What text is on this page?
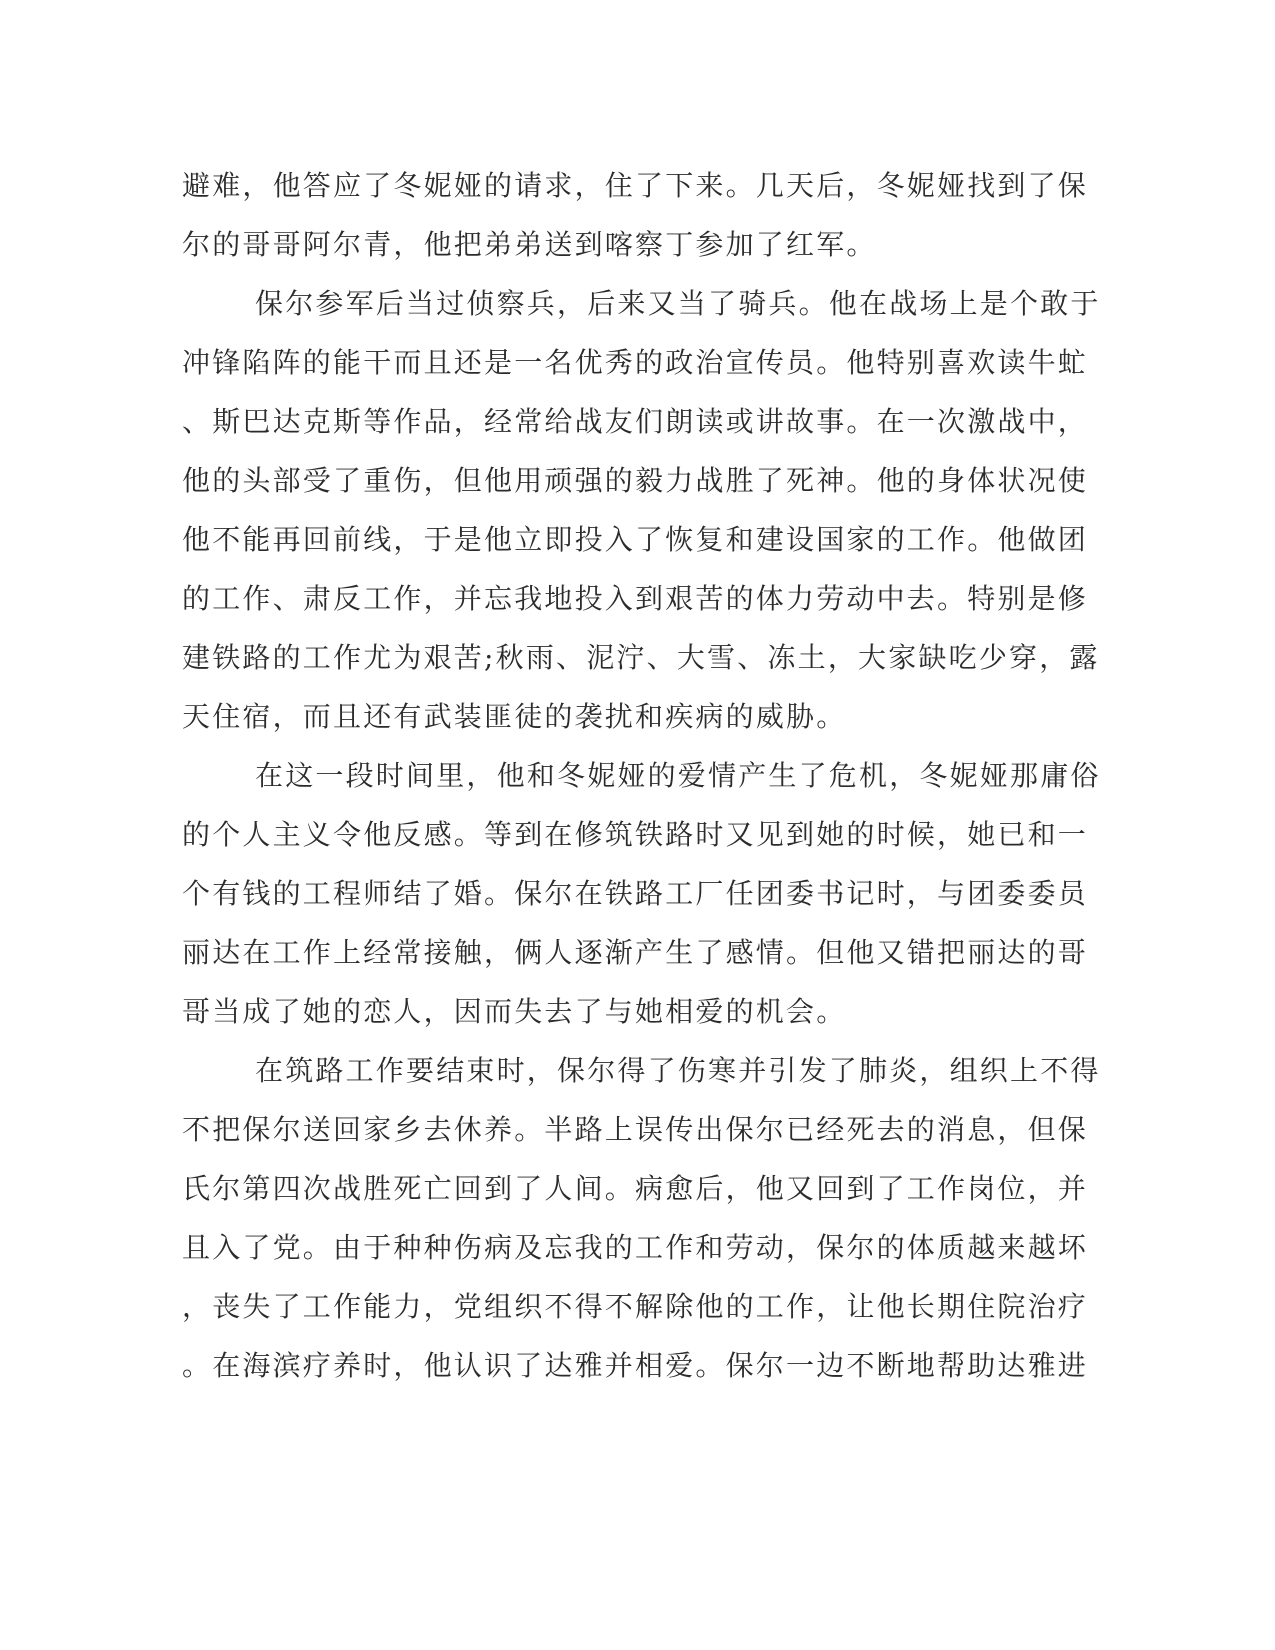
避难，他答应了冬妮娅的请求，住了下来。几天后，冬妮娅找到了保
尔的哥哥阿尔青，他把弟弟送到喀察丁参加了红军。
保尔参军后当过侦察兵，后来又当了骑兵。他在战场上是个敢于
冲锋陷阵的能干而且还是一名优秀的政治宣传员。他特别喜欢读牛虻
、斯巴达克斯等作品，经常给战友们朗读或讲故事。在一次激战中，
他的头部受了重伤，但他用顽强的毅力战胜了死神。他的身体状况使
他不能再回前线，于是他立即投入了恢复和建设国家的工作。他做团
的工作、肃反工作，并忘我地投入到艰苦的体力劳动中去。特别是修
建铁路的工作尤为艰苦;秋雨、泥泞、大雪、冻土，大家缺吃少穿，露
天住宿，而且还有武装匪徒的袭扰和疾病的威胁。
在这一段时间里，他和冬妮娅的爱情产生了危机，冬妮娅那庸俗
的个人主义令他反感。等到在修筑铁路时又见到她的时候，她已和一
个有钱的工程师结了婚。保尔在铁路工厂任团委书记时，与团委委员
丽达在工作上经常接触，俩人逐渐产生了感情。但他又错把丽达的哥
哥当成了她的恋人，因而失去了与她相爱的机会。
在筑路工作要结束时，保尔得了伤寒并引发了肺炎，组织上不得
不把保尔送回家乡去休养。半路上误传出保尔已经死去的消息，但保
氏尔第四次战胜死亡回到了人间。病愈后，他又回到了工作岗位，并
且入了党。由于种种伤病及忘我的工作和劳动，保尔的体质越来越坏
，丧失了工作能力，党组织不得不解除他的工作，让他长期住院治疗
。在海滨疗养时，他认识了达雅并相爱。保尔一边不断地帮助达雅进
